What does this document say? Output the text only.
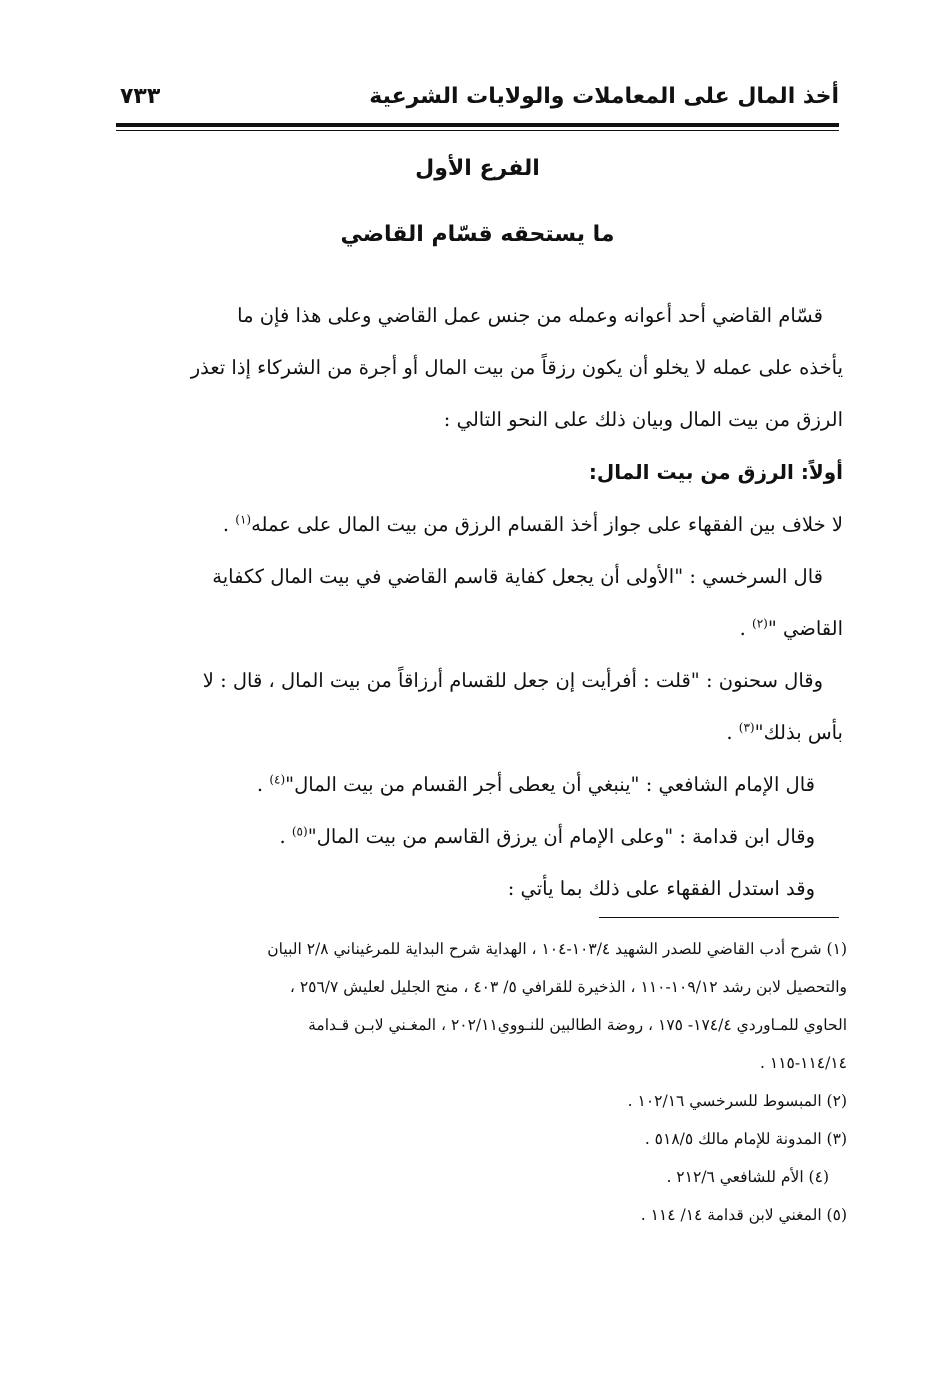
أخذ المال على المعاملات والولايات الشرعية
٧٣٣
الفرع الأول
ما يستحقه قسّام القاضي

قسّام القاضي أحد أعوانه وعمله من جنس عمل القاضي وعلى هذا فإن ما
يأخذه على عمله لا يخلو أن يكون رزقاً من بيت المال أو أجرة من الشركاء إذا تعذر
الرزق من بيت المال وبيان ذلك على النحو التالي :

أولاً: الرزق من بيت المال:

لا خلاف بين الفقهاء على جواز أخذ القسام الرزق من بيت المال على عمله$^{(١)}$ .

قال السرخسي : "الأولى أن يجعل كفاية قاسم القاضي في بيت المال ككفاية
القاضي "$^{(٢)}$ .

وقال سحنون : "قلت : أفرأيت إن جعل للقسام أرزاقاً من بيت المال ، قال : لا
بأس بذلك"$^{(٣)}$ .

قال الإمام الشافعي : "ينبغي أن يعطى أجر القسام من بيت المال"$^{(٤)}$ .

وقال ابن قدامة : "وعلى الإمام أن يرزق القاسم من بيت المال"$^{(٥)}$ .

وقد استدل الفقهاء على ذلك بما يأتي :

(١) شرح أدب القاضي للصدر الشهيد ١٠٣/٤-١٠٤ ، الهداية شرح البداية للمرغيناني ٢/٨ البيان
والتحصيل لابن رشد ١٠٩/١٢-١١٠ ، الذخيرة للقرافي ٥/ ٤٠٣ ، منح الجليل لعليش ٢٥٦/٧ ،
الحاوي للمـاوردي ١٧٤/٤- ١٧٥ ، روضة الطالبين للنـووي٢٠٢/١١ ، المغـني لابـن قـدامة
١١٤/١٤-١١٥ .

(٢) المبسوط للسرخسي ١٠٢/١٦ .

(٣) المدونة للإمام مالك ٥١٨/٥ .

(٤) الأم للشافعي ٢١٢/٦ .

(٥) المغني لابن قدامة ١٤/ ١١٤ .
